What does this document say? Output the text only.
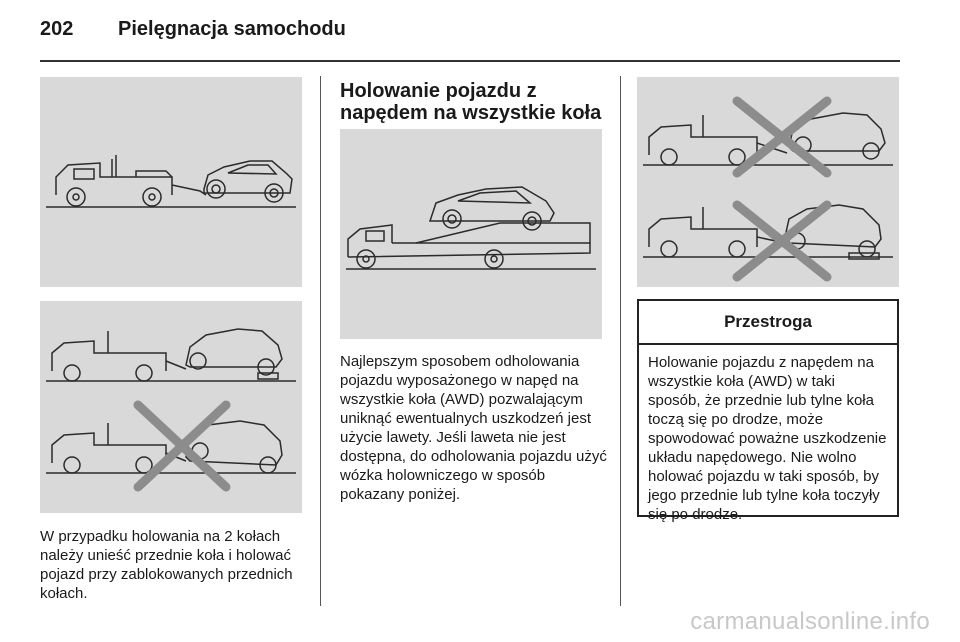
202 Pielęgnacja samochodu

W przypadku holowania na 2 kołach należy unieść przednie koła i holować pojazd przy zablokowanych przednich kołach.

Holowanie pojazdu z napędem na wszystkie koła

Najlepszym sposobem odholowania pojazdu wyposażonego w napęd na wszystkie koła (AWD) pozwalającym uniknąć ewentualnych uszkodzeń jest użycie lawety. Jeśli laweta nie jest dostępna, do odholowania pojazdu użyć wózka holowniczego w sposób pokazany poniżej.

Przestroga

Holowanie pojazdu z napędem na wszystkie koła (AWD) w taki sposób, że przednie lub tylne koła toczą się po drodze, może spowodować poważne uszkodzenie układu napędowego. Nie wolno holować pojazdu w taki sposób, by jego przednie lub tylne koła toczyły się po drodze.

carmanualsonline.info
